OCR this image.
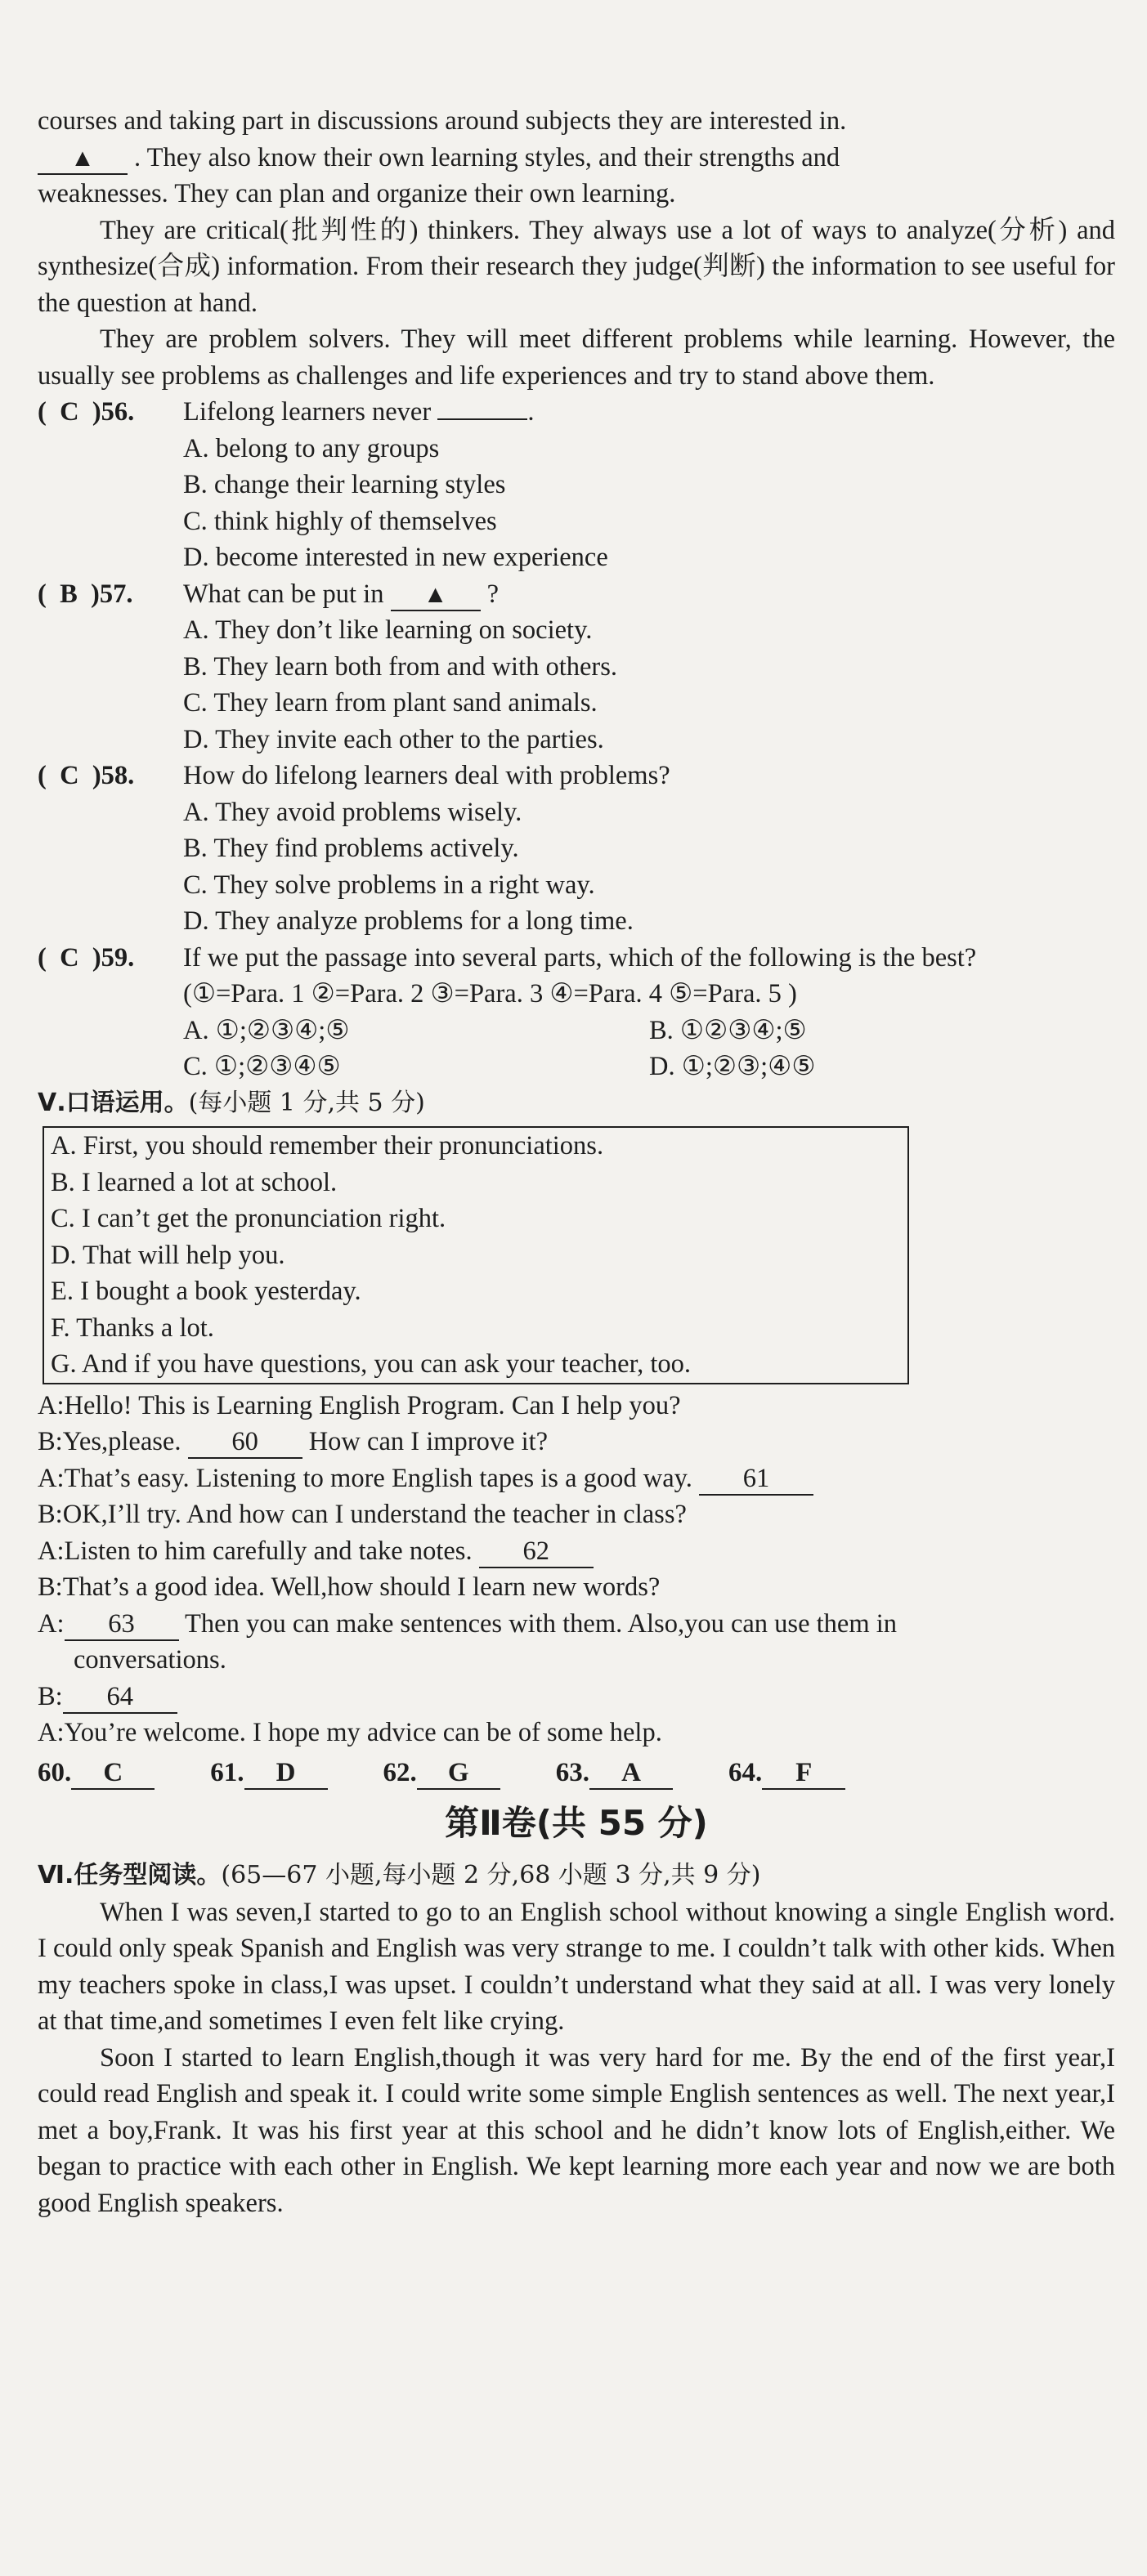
courses and taking part in discussions around subjects they are interested in.

▲ . They also know their own learning styles, and their strengths and

weaknesses. They can plan and organize their own learning.

They are critical(批判性的) thinkers. They always use a lot of ways to analyze(分析) and synthesize(合成) information. From their research they judge(判断) the information to see useful for the question at hand.

They are problem solvers. They will meet different problems while learning. However, the usually see problems as challenges and life experiences and try to stand above them.

(  C  )56.	Lifelong learners never	.

A. belong to any groups

B. change their learning styles

C. think highly of themselves

D. become interested in new experience

(  B  )57.	What can be put in ▲ ?

A. They don’t like learning on society.

B. They learn both from and with others.

C. They learn from plant sand animals.

D. They invite each other to the parties.

(  C  )58.	How do lifelong learners deal with problems?

A. They avoid problems wisely.

B. They find problems actively.

C. They solve problems in a right way.

D. They analyze problems for a long time.

(  C  )59.	If we put the passage into several parts, which of the following is the best?

(①=Para. 1 ②=Para. 2 ③=Para. 3 ④=Para. 4 ⑤=Para. 5 )

A. ①;②③④;⑤	B. ①②③④;⑤
C. ①;②③④⑤	D. ①;②③;④⑤

Ⅴ.口语运用。(每小题 1 分,共 5 分)

A. First, you should remember their pronunciations.

B. I learned a lot at school.

C. I can’t get the pronunciation right.

D. That will help you.

E. I bought a book yesterday.

F. Thanks a lot.

G. And if you have questions, you can ask your teacher, too.

A:Hello! This is Learning English Program. Can I help you?

B:Yes,please. 60 How can I improve it?

A:That’s easy. Listening to more English tapes is a good way. 61

B:OK,I’ll try. And how can I understand the teacher in class?

A:Listen to him carefully and take notes. 62

B:That’s a good idea. Well,how should I learn new words?

A: 63 Then you can make sentences with them. Also,you can use them in

conversations.

B: 64

A:You’re welcome. I hope my advice can be of some help.

60. C	61. D	62. G	63. A	64. F

第Ⅱ卷(共 55 分)

Ⅵ.任务型阅读。(65—67 小题,每小题 2 分,68 小题 3 分,共 9 分)

When I was seven,I started to go to an English school without knowing a single English word. I could only speak Spanish and English was very strange to me. I couldn’t talk with other kids. When my teachers spoke in class,I was upset. I couldn’t understand what they said at all. I was very lonely at that time,and sometimes I even felt like crying.

Soon I started to learn English,though it was very hard for me. By the end of the first year,I could read English and speak it. I could write some simple English sentences as well. The next year,I met a boy,Frank. It was his first year at this school and he didn’t know lots of English,either. We began to practice with each other in English. We kept learning more each year and now we are both good English speakers.
